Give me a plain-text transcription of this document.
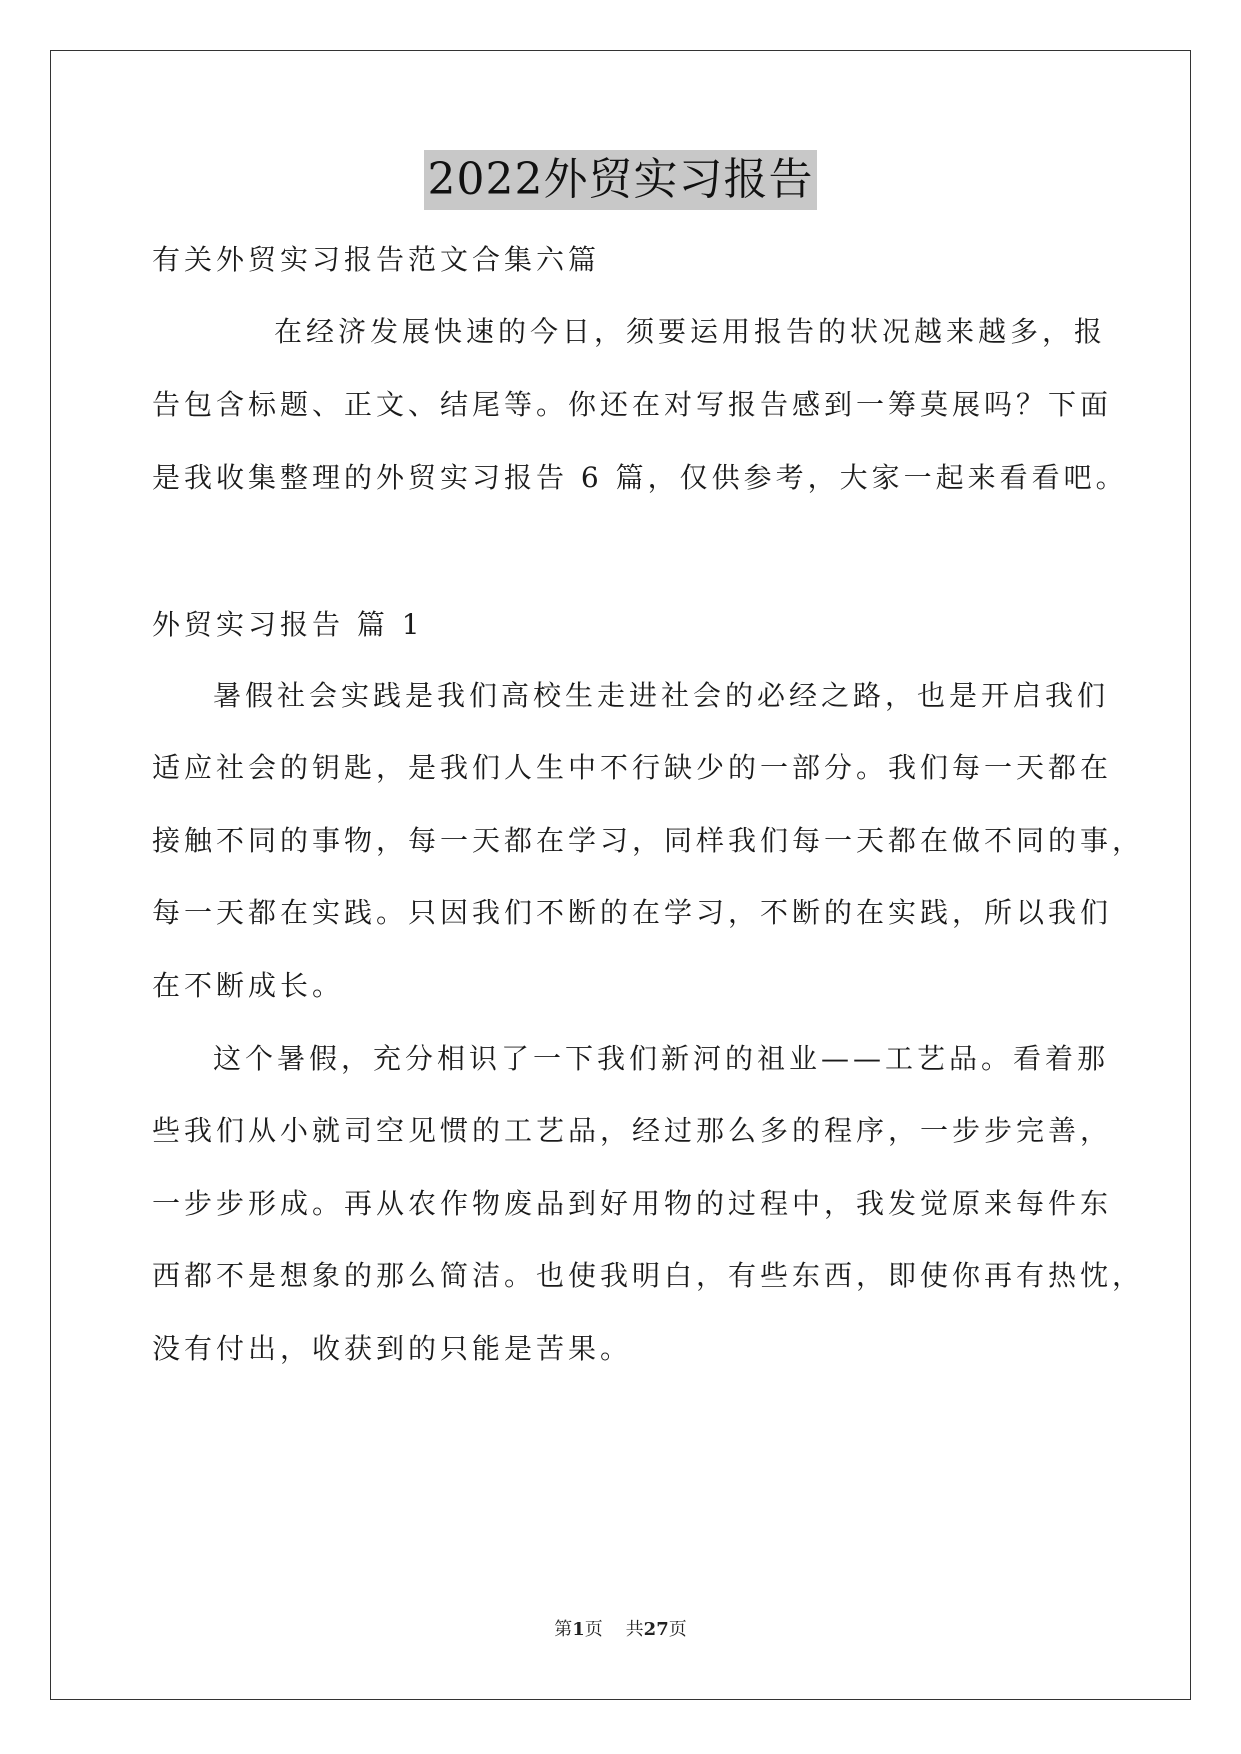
2022外贸实习报告
有关外贸实习报告范文合集六篇
在经济发展快速的今日，须要运用报告的状况越来越多，报
告包含标题、正文、结尾等。你还在对写报告感到一筹莫展吗？下面
是我收集整理的外贸实习报告 6 篇，仅供参考，大家一起来看看吧。
外贸实习报告 篇 1
暑假社会实践是我们高校生走进社会的必经之路，也是开启我们
适应社会的钥匙，是我们人生中不行缺少的一部分。我们每一天都在
接触不同的事物，每一天都在学习，同样我们每一天都在做不同的事，
每一天都在实践。只因我们不断的在学习，不断的在实践，所以我们
在不断成长。
这个暑假，充分相识了一下我们新河的祖业——工艺品。看着那
些我们从小就司空见惯的工艺品，经过那么多的程序，一步步完善，
一步步形成。再从农作物废品到好用物的过程中，我发觉原来每件东
西都不是想象的那么简洁。也使我明白，有些东西，即使你再有热忱，
没有付出，收获到的只能是苦果。
第1页 共27页
